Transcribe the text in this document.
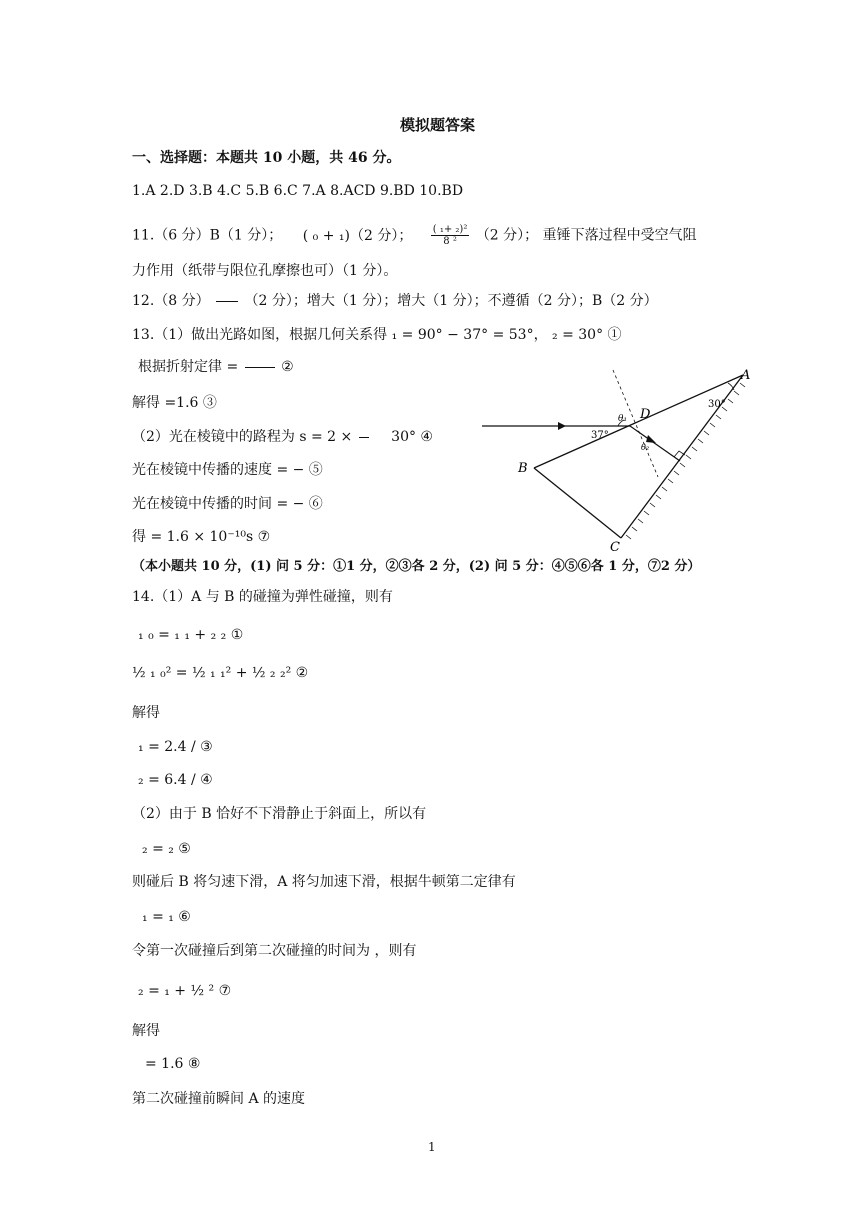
模拟题答案
一、选择题：本题共 10 小题，共 46 分。
1.A 2.D 3.B 4.C 5.B 6.C 7.A 8.ACD 9.BD 10.BD
11.（6 分）B（1 分）； ( ₀ + ₁)（2 分）； $\frac{\text{( ₁+ ₂)²}}{\text{8 ²}} (2$ 分）； 重锤下落过程中受空气阻
力作用（纸带与限位孔摩擦也可）（1 分）。
12.（8 分） （2 分）；增大（1 分）；增大（1 分）；不遵循（2 分）；B（2 分）
13.（1）做出光路如图，根据几何关系得 ₁ = 90° − 37° = 53°， ₂ = 30° ①
根据折射定律 =	②
解得 =1.6 ③
（2）光在棱镜中的路程为 s = 2 ×	30° ④
光在棱镜中传播的速度 = − ⑤
光在棱镜中传播的时间 = − ⑥
得 = 1.6 × 10⁻¹⁰s ⑦
（本小题共 10 分，(1) 问 5 分：①1 分，②③各 2 分，(2) 问 5 分：④⑤⑥各 1 分，⑦2 分）
A
B
C
D
37°
30°
θ₁
θ₂
14.（1）A 与 B 的碰撞为弹性碰撞，则有
₁ ₀ = ₁ ₁ + ₂ ₂ ①
½ ₁ ₀² = ½ ₁ ₁² + ½ ₂ ₂² ②
解得
₁ = 2.4 / ③
₂ = 6.4 / ④
（2）由于 B 恰好不下滑静止于斜面上，所以有
₂ = ₂ ⑤
则碰后 B 将匀速下滑，A 将匀加速下滑，根据牛顿第二定律有
₁ = ₁ ⑥
令第一次碰撞后到第二次碰撞的时间为 ，则有
₂ = ₁ + ½ ² ⑦
解得
= 1.6 ⑧
第二次碰撞前瞬间 A 的速度
1
